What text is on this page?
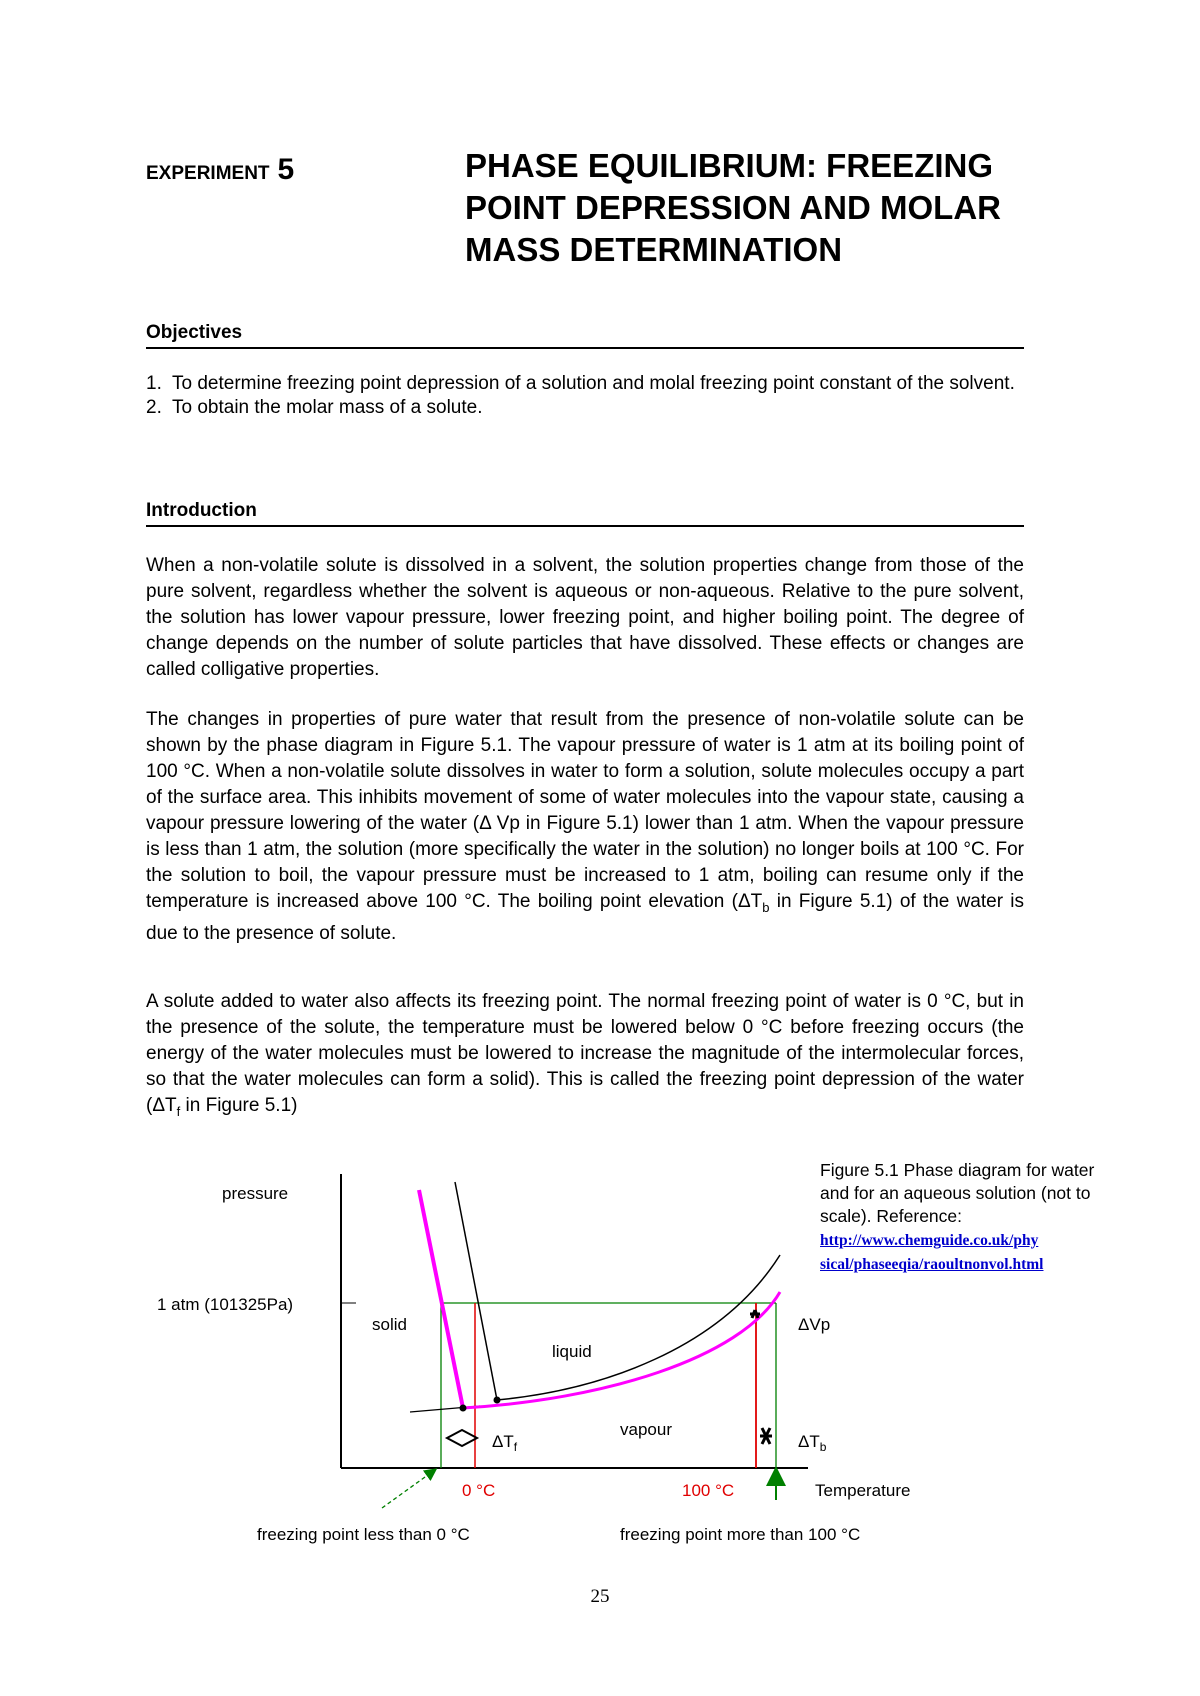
EXPERIMENT 5	PHASE EQUILIBRIUM: FREEZING
POINT DEPRESSION AND MOLAR
MASS DETERMINATION
Objectives
1. To determine freezing point depression of a solution and molal freezing point constant of the solvent.
2. To obtain the molar mass of a solute.
Introduction

When a non-volatile solute is dissolved in a solvent, the solution properties change from those of the pure solvent, regardless whether the solvent is aqueous or non-aqueous. Relative to the pure solvent, the solution has lower vapour pressure, lower freezing point, and higher boiling point. The degree of change depends on the number of solute particles that have dissolved. These effects or changes are called colligative properties.

The changes in properties of pure water that result from the presence of non-volatile solute can be shown by the phase diagram in Figure 5.1. The vapour pressure of water is 1 atm at its boiling point of 100 °C. When a non-volatile solute dissolves in water to form a solution, solute molecules occupy a part of the surface area. This inhibits movement of some of water molecules into the vapour state, causing a vapour pressure lowering of the water (Δ Vp in Figure 5.1) lower than 1 atm. When the vapour pressure is less than 1 atm, the solution (more specifically the water in the solution) no longer boils at 100 °C. For the solution to boil, the vapour pressure must be increased to 1 atm, boiling can resume only if the temperature is increased above 100 °C. The boiling point elevation ($\Delta T_b$ in Figure 5.1) of the water is due to the presence of solute.

A solute added to water also affects its freezing point. The normal freezing point of water is 0 °C, but in the presence of the solute, the temperature must be lowered below 0 °C before freezing occurs (the energy of the water molecules must be lowered to increase the magnitude of the intermolecular forces, so that the water molecules can form a solid). This is called the freezing point depression of the water ($\Delta T_f$ in Figure 5.1)

pressure
1 atm (101325Pa)
solid
liquid
vapour
ΔVp
$\Delta T_f$	$\Delta T_b$
0 °C	100 °C	Temperature
freezing point less than 0 °C	freezing point more than 100 °C
Figure 5.1 Phase diagram for water and for an aqueous solution (not to scale). Reference:
http://www.chemguide.co.uk/phy
sical/phaseeqia/raoultnonvol.html
25
